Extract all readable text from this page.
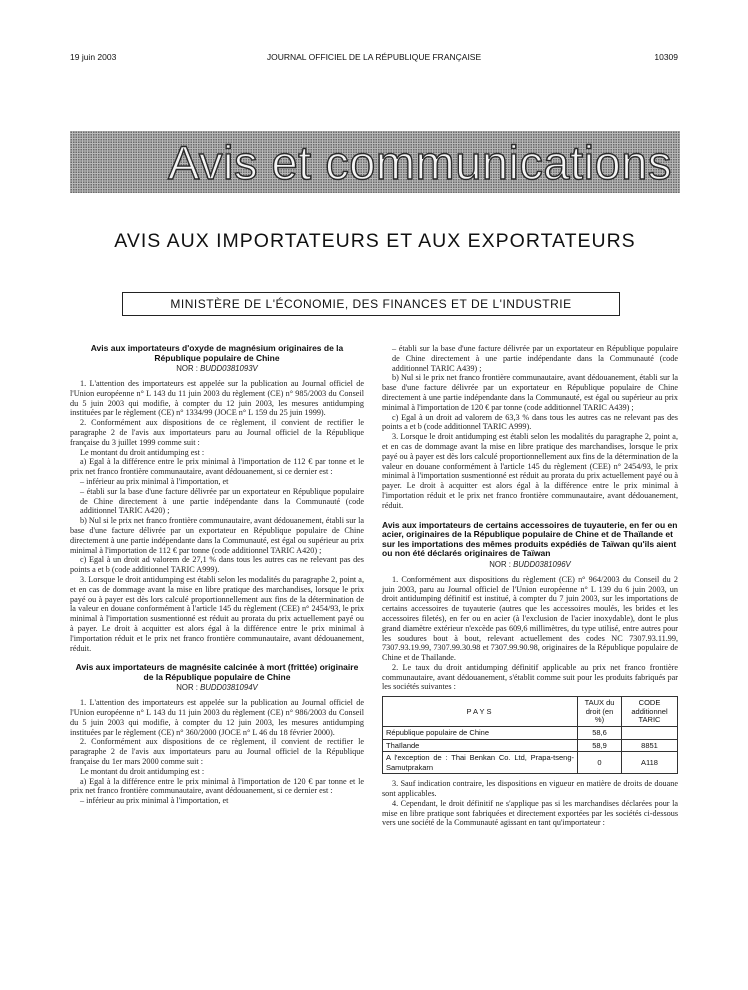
19 juin 2003	JOURNAL OFFICIEL DE LA RÉPUBLIQUE FRANÇAISE	10309
Avis et communications
AVIS AUX IMPORTATEURS ET AUX EXPORTATEURS
MINISTÈRE DE L'ÉCONOMIE, DES FINANCES ET DE L'INDUSTRIE
Avis aux importateurs d'oxyde de magnésium originaires de la République populaire de Chine
NOR : BUDD0381093V

1. L'attention des importateurs est appelée sur la publication au Journal officiel de l'Union européenne n° L 143 du 11 juin 2003 du règlement (CE) n° 985/2003 du Conseil du 5 juin 2003 qui modifie, à compter du 12 juin 2003, les mesures antidumping instituées par le règlement (CE) n° 1334/99 (JOCE n° L 159 du 25 juin 1999).

2. Conformément aux dispositions de ce règlement, il convient de rectifier le paragraphe 2 de l'avis aux importateurs paru au Journal officiel de la République française du 3 juillet 1999 comme suit :

Le montant du droit antidumping est :

a) Egal à la différence entre le prix minimal à l'importation de 112 € par tonne et le prix net franco frontière communautaire, avant dédouanement, si ce dernier est :

– inférieur au prix minimal à l'importation, et

– établi sur la base d'une facture délivrée par un exportateur en République populaire de Chine directement à une partie indépendante dans la Communauté (code additionnel TARIC A420) ;

b) Nul si le prix net franco frontière communautaire, avant dédouanement, établi sur la base d'une facture délivrée par un exportateur en République populaire de Chine directement à une partie indépendante dans la Communauté, est égal ou supérieur au prix minimal à l'importation de 112 € par tonne (code additionnel TARIC A420) ;

c) Egal à un droit ad valorem de 27,1 % dans tous les autres cas ne relevant pas des points a et b (code additionnel TARIC A999).

3. Lorsque le droit antidumping est établi selon les modalités du paragraphe 2, point a, et en cas de dommage avant la mise en libre pratique des marchandises, lorsque le prix payé ou à payer est dès lors calculé proportionnellement aux fins de la détermination de la valeur en douane conformément à l'article 145 du règlement (CEE) n° 2454/93, le prix minimal à l'importation susmentionné est réduit au prorata du prix actuellement payé ou à payer. Le droit à acquitter est alors égal à la différence entre le prix minimal à l'importation réduit et le prix net franco frontière communautaire, avant dédouanement, réduit.

Avis aux importateurs de magnésite calcinée à mort (frittée) originaire de la République populaire de Chine
NOR : BUDD0381094V

1. L'attention des importateurs est appelée sur la publication au Journal officiel de l'Union européenne n° L 143 du 11 juin 2003 du règlement (CE) n° 986/2003 du Conseil du 5 juin 2003 qui modifie, à compter du 12 juin 2003, les mesures antidumping instituées par le règlement (CE) n° 360/2000 (JOCE n° L 46 du 18 février 2000).

2. Conformément aux dispositions de ce règlement, il convient de rectifier le paragraphe 2 de l'avis aux importateurs paru au Journal officiel de la République française du 1er mars 2000 comme suit :

Le montant du droit antidumping est :

a) Egal à la différence entre le prix minimal à l'importation de 120 € par tonne et le prix net franco frontière communautaire, avant dédouanement, si ce dernier est :

– inférieur au prix minimal à l'importation, et

– établi sur la base d'une facture délivrée par un exportateur en République populaire de Chine directement à une partie indépendante dans la Communauté (code additionnel TARIC A439) ;

b) Nul si le prix net franco frontière communautaire, avant dédouanement, établi sur la base d'une facture délivrée par un exportateur en République populaire de Chine directement à une partie indépendante dans la Communauté, est égal ou supérieur au prix minimal à l'importation de 120 € par tonne (code additionnel TARIC A439) ;

c) Egal à un droit ad valorem de 63,3 % dans tous les autres cas ne relevant pas des points a et b (code additionnel TARIC A999).

3. Lorsque le droit antidumping est établi selon les modalités du paragraphe 2, point a, et en cas de dommage avant la mise en libre pratique des marchandises, lorsque le prix payé ou à payer est dès lors calculé proportionnellement aux fins de la détermination de la valeur en douane conformément à l'article 145 du règlement (CEE) n° 2454/93, le prix minimal à l'importation susmentionné est réduit au prorata du prix actuellement payé ou à payer. Le droit à acquitter est alors égal à la différence entre le prix minimal à l'importation réduit et le prix net franco frontière communautaire, avant dédouanement, réduit.

Avis aux importateurs de certains accessoires de tuyauterie, en fer ou en acier, originaires de la République populaire de Chine et de Thaïlande et sur les importations des mêmes produits expédiés de Taïwan qu'ils aient ou non été déclarés originaires de Taïwan
NOR : BUDD0381096V

1. Conformément aux dispositions du règlement (CE) n° 964/2003 du Conseil du 2 juin 2003, paru au Journal officiel de l'Union européenne n° L 139 du 6 juin 2003, un droit antidumping définitif est institué, à compter du 7 juin 2003, sur les importations de certains accessoires de tuyauterie (autres que les accessoires moulés, les brides et les accessoires filetés), en fer ou en acier (à l'exclusion de l'acier inoxydable), dont le plus grand diamètre extérieur n'excède pas 609,6 millimètres, du type utilisé, entre autres pour les soudures bout à bout, relevant actuellement des codes NC 7307.93.11.99, 7307.93.19.99, 7307.99.30.98 et 7307.99.90.98, originaires de la République populaire de Chine et de Thaïlande.

2. Le taux du droit antidumping définitif applicable au prix net franco frontière communautaire, avant dédouanement, s'établit comme suit pour les produits fabriqués par les sociétés suivantes :

PAYS	TAUX du droit (en %)	CODE additionnel TARIC
République populaire de Chine	58,6	
Thaïlande	58,9	8851
A l'exception de : Thai Benkan Co. Ltd, Prapa-tseng-Samutprakarn	0	A118

3. Sauf indication contraire, les dispositions en vigueur en matière de droits de douane sont applicables.

4. Cependant, le droit définitif ne s'applique pas si les marchandises déclarées pour la mise en libre pratique sont fabriquées et directement exportées par les sociétés ci-dessous vers une société de la Communauté agissant en tant qu'importateur :
